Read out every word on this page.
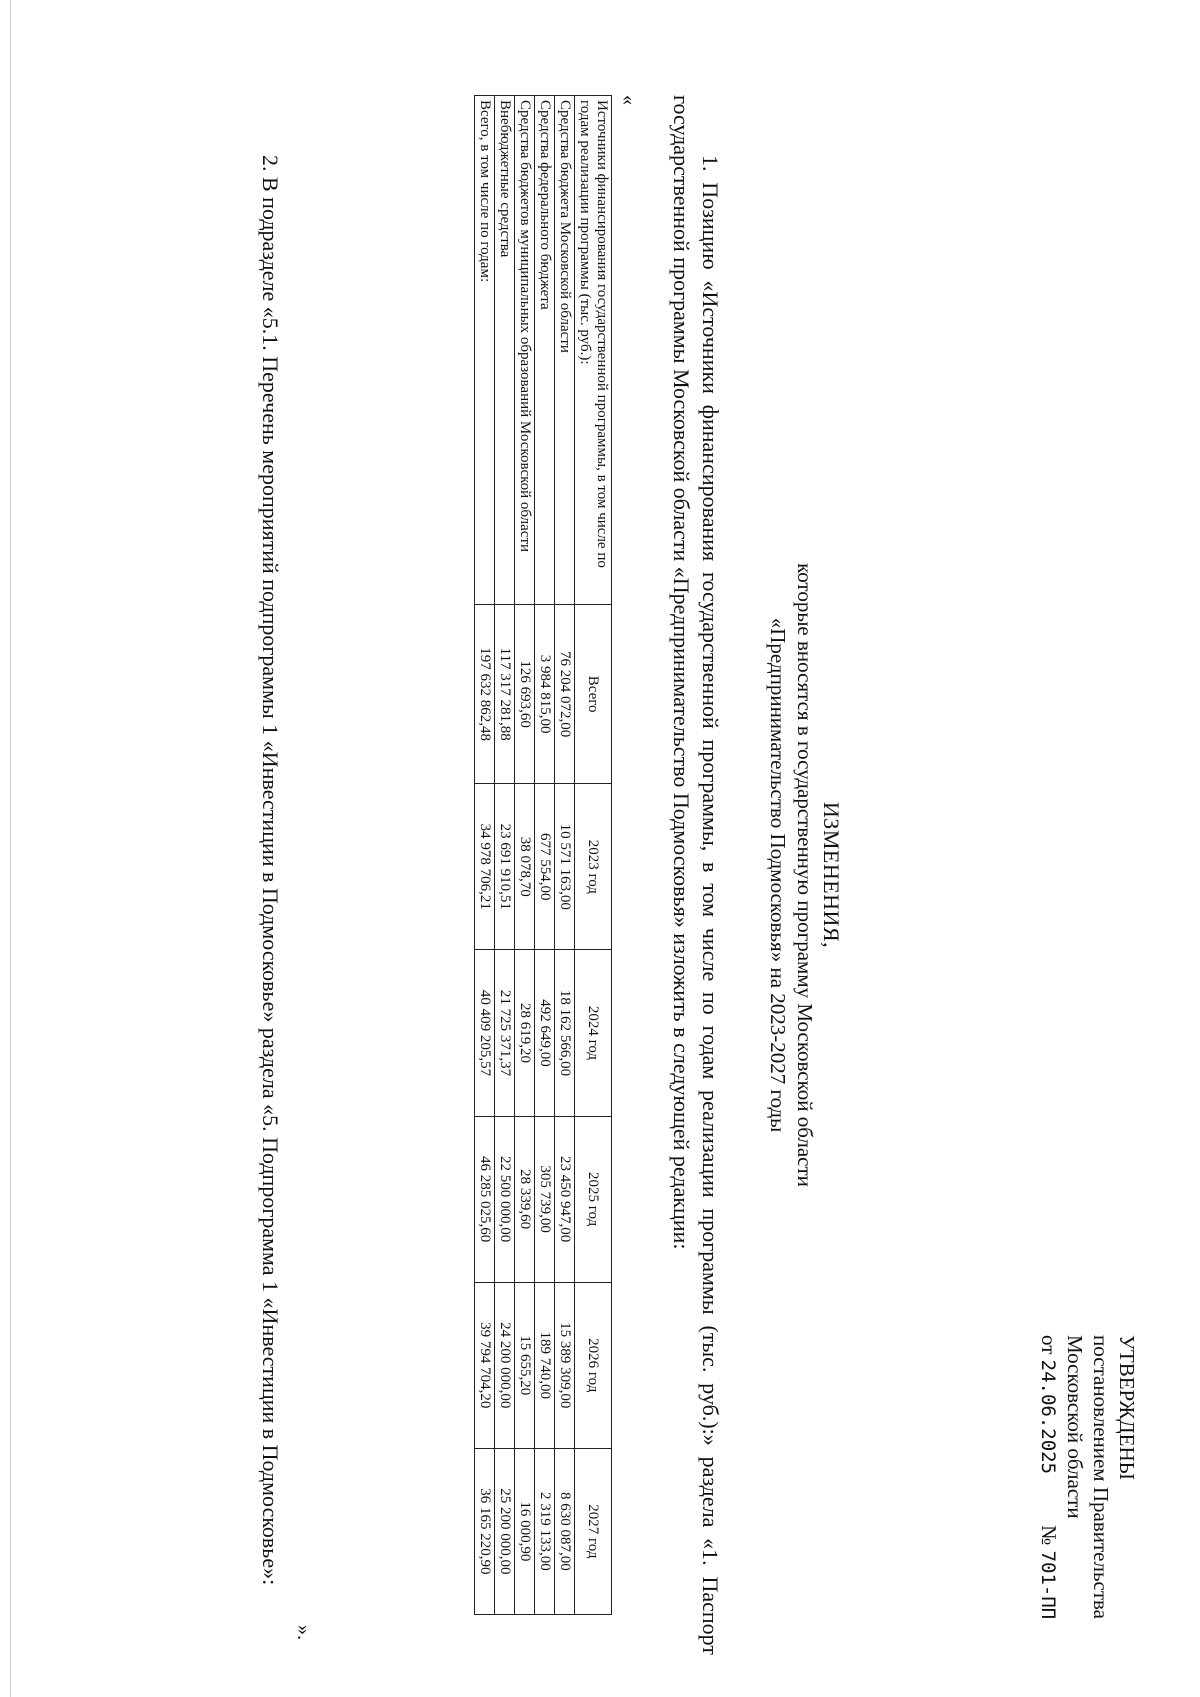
УТВЕРЖДЕНЫ
постановлением Правительства
Московской области
от 24.06.2025 № 701-ПП
ИЗМЕНЕНИЯ,
которые вносятся в государственную программу Московской области
«Предпринимательство Подмосковья» на 2023-2027 годы
1. Позицию «Источники финансирования государственной программы, в том числе по годам реализации программы (тыс. руб.):» раздела «1. Паспорт государственной программы Московской области «Предпринимательство Подмосковья» изложить в следующей редакции:
«
Источники финансирования государственной программы, в том числе по годам реализации программы (тыс. руб.):	Всего	2023 год	2024 год	2025 год	2026 год	2027 год
Средства бюджета Московской области	76 204 072,00	10 571 163,00	18 162 566,00	23 450 947,00	15 389 309,00	8 630 087,00
Средства федерального бюджета	3 984 815,00	677 554,00	492 649,00	305 739,00	189 740,00	2 319 133,00
Средства бюджетов муниципальных образований Московской области	126 693,60	38 078,70	28 619,20	28 339,60	15 655,20	16 000,90
Внебюджетные средства	117 317 281,88	23 691 910,51	21 725 371,37	22 500 000,00	24 200 000,00	25 200 000,00
Всего, в том числе по годам:	197 632 862,48	34 978 706,21	40 409 205,57	46 285 025,60	39 794 704,20	36 165 220,90
».
2. В подразделе «5.1. Перечень мероприятий подпрограммы 1 «Инвестиции в Подмосковье» раздела «5. Подпрограмма 1 «Инвестиции в Подмосковье»:
